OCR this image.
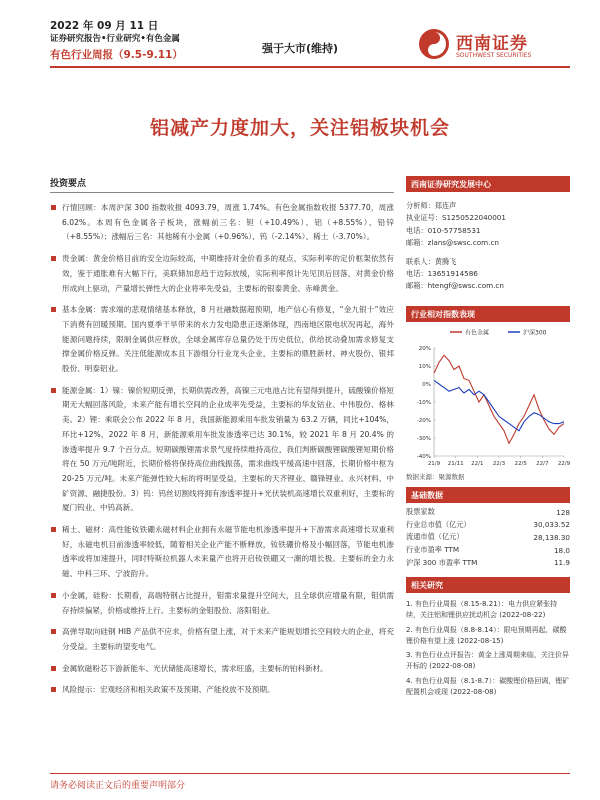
2022 年 09 月 11 日
证券研究报告•行业研究•有色金属
有色行业周报（9.5-9.11）	强于大市(维持)	西南证券
SOUTHWEST SECURITIES
铝减产力度加大，关注铝板块机会
投资要点
行情回顾：本周沪深 300 指数收报 4093.79，周涨 1.74%。有色金属指数收报 5377.70，周涨 6.02%。本周有色金属各子板块，涨幅前三名：钽（+10.49%）、铝（+8.55%）、铅锌（+8.55%）；涨幅后三名：其他稀有小金属（+0.96%）、钨（-2.14%）、稀土（-3.70%）。
贵金属：黄金价格目前的安全边际较高，中期维持对金价看多的观点，实际利率的定价框架依然有效，鉴于通胀难有大幅下行，美联储加息趋于边际放缓，实际利率预计先见顶后回落，对黄金价格形成向上驱动，产量增长弹性大的企业将率先受益，主要标的银泰黄金、赤峰黄金。
基本金属：需求端的悲观情绪基本释放，8 月社融数据超预期，地产信心有修复，“金九银十”效应下消费有回暖预期。国内夏季干旱带来的水力发电隐患正逐渐体现，西南地区限电状况再起，海外能源问题持续，限制金属供应释放，全球金属库存总量仍处于历史低位，供给扰动叠加需求修复支撑金属价格反弹。关注低能源成本且下游细分行业龙头企业，主要标的鼎胜新材、神火股份、银邦股份、明泰铝业。
能源金属：1）镍：镍价短期反弹，长期供需改善，高镍三元电池占比有望得到提升，硫酸镍价格短期无大幅回落风险，未来产能有增长空间的企业成率先受益，主要标的华友钴业、中伟股份、格林美。2）锂：乘联会公布 2022 年 8 月，我国新能源乘用车批发销量为 63.2 万辆，同比+104%，环比+12%，2022 年 8 月，新能源乘用车批发渗透率已达 30.1%，较 2021 年 8 月 20.4% 的渗透率提升 9.7 个百分点。短期碳酸锂需求景气度持续维持高位，我们判断碳酸锂碳酸锂短期价格将在 50 万元/吨附近，长期价格将保持高位曲线振荡，需求曲线平缓高速中回落，长期价格中枢为 20-25 万元/吨。未来产能弹性较大标的将明显受益，主要标的天齐锂业、赣锋锂业、永兴材料、中矿资源、融捷股份。3）钨：钨丝切割线将拥有渗透率提升+光伏装机高速增长双重利好，主要标的厦门钨业、中钨高新。
稀土、磁材：高性能钕铁硼永磁材料企业拥有永磁节能电机渗透率提升+下游需求高速增长双重利好，永磁电机目前渗透率较低，随着相关企业产能不断释放，钕铁硼价格及小幅回落，节能电机渗透率或将加速提升，同时特斯拉机器人未来量产也将开启钕铁硼又一潮的增长极。主要标的金力永磁、中科三环、宁波韵升。
小金属，硅粉：长期看，高端特钢占比提升，钼需求量提升空间大，且全球供应增量有限，钼供需存持续偏紧，价格或维持上行。主要标的金钼股份、洛阳钼业。
高弹导取向硅钢 HIB 产品供不应求，价格有望上涨，对于未来产能规划增长空间较大的企业，将充分受益。主要标的望变电气。
金属软磁粉芯下游新能车、光伏储能高速增长，需求旺盛，主要标的铂科新材。
风险提示：宏观经济和相关政策不及预期、产能投放不及预期。
西南证券研究发展中心
分析师：郑连声
执业证号：S1250522040001
电话：010-57758531
邮箱：zlans@swsc.com.cn
联系人：黄腾飞
电话：13651914586
邮箱：htengf@swsc.com.cn
行业相对指数表现
有色金属	沪深300
20%
10%
0%
-10%
-20%
-30%
-40%
21/9 21/11 22/1 22/3 22/5 22/7 22/9
数据来源：聚源数据
基础数据
股票家数	128
行业总市值（亿元）	30,033.52
流通市值（亿元）	28,138.30
行业市盈率 TTM	18.0
沪深 300 市盈率 TTM	11.9
相关研究
1. 有色行业周报（8.15-8.21）：电力供应紧张持续，关注铝和锂供应扰动机会 (2022-08-22)
2. 有色行业周报（8.8-8.14）：限电预期再起，碳酸锂价格有望上涨 (2022-08-15)
3. 有色行业点评报告：黄金上涨周期来临，关注价异开标的 (2022-08-08)
4. 有色行业周报（8.1-8.7）：碳酸锂价格回调，锂矿配置机会或现 (2022-08-08)
请务必阅读正文后的重要声明部分
